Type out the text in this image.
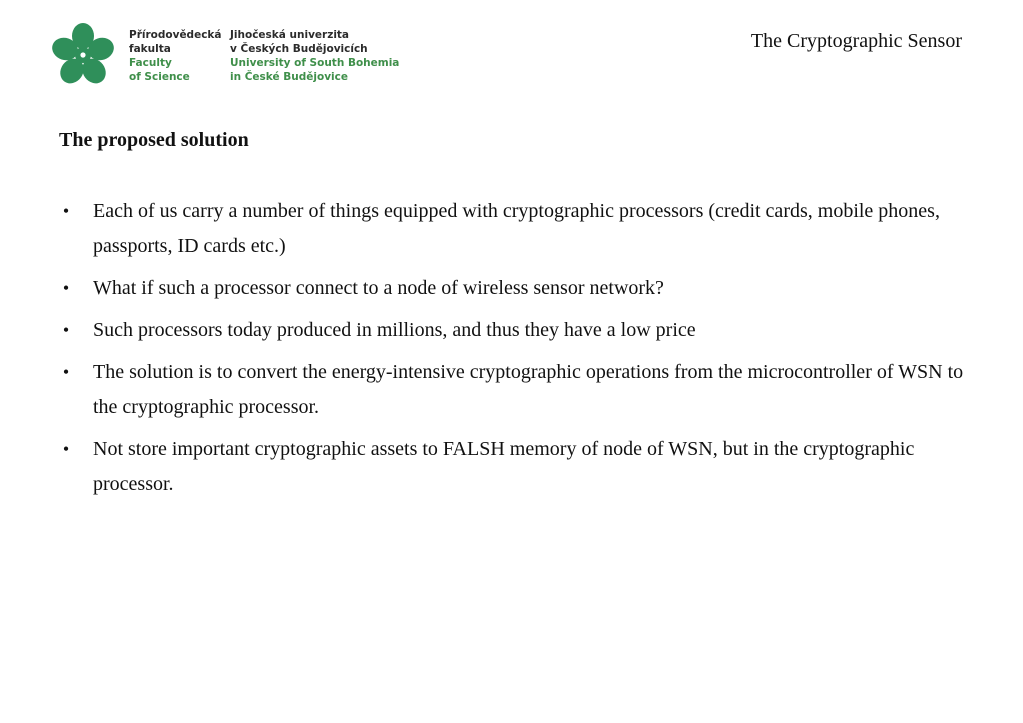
Přírodovědecká
fakulta
Faculty
of Science
Jihočeská univerzita
v Českých Budějovicích
University of South Bohemia
in České Budějovice
The Cryptographic Sensor
The proposed solution
• Each of us carry a number of things equipped with cryptographic processors (credit cards, mobile phones, passports, ID cards etc.)
• What if such a processor connect to a node of wireless sensor network?
• Such processors today produced in millions, and thus they have a low price
• The solution is to convert the energy-intensive cryptographic operations from the microcontroller of WSN to the cryptographic processor.
• Not store important cryptographic assets to FALSH memory of node of WSN, but in the cryptographic processor.
